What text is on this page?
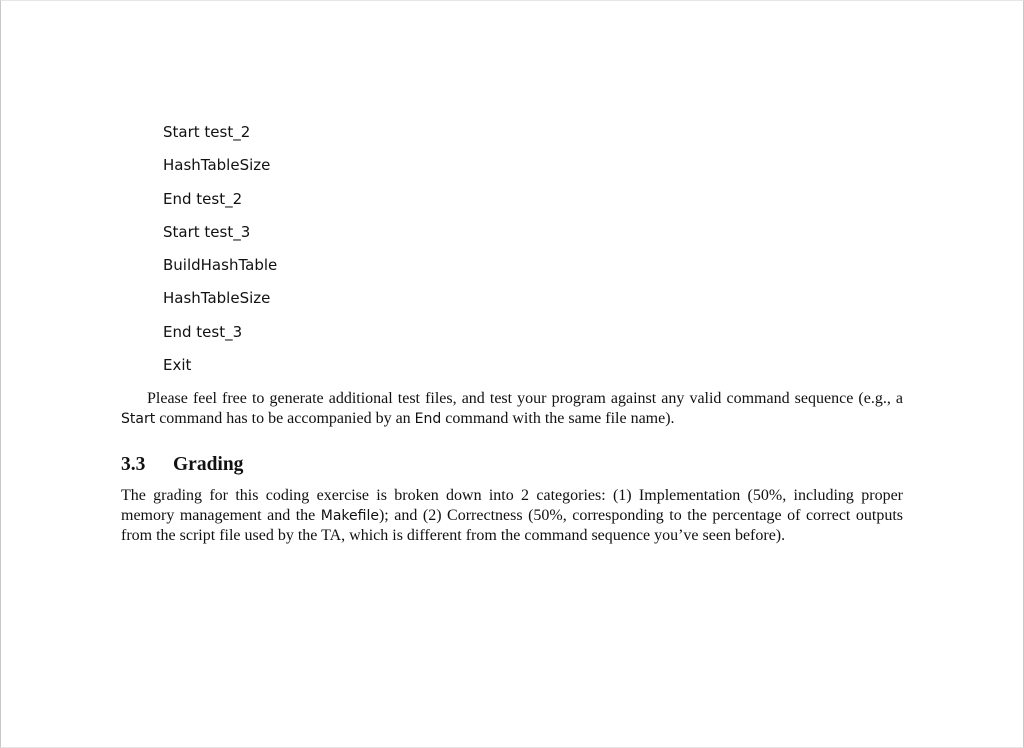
Start test_2
HashTableSize
End test_2
Start test_3
BuildHashTable
HashTableSize
End test_3
Exit

Please feel free to generate additional test files, and test your program against any valid command sequence (e.g., a Start command has to be accompanied by an End command with the same file name).

3.3 Grading

The grading for this coding exercise is broken down into 2 categories: (1) Implementation (50%, including proper memory management and the Makefile); and (2) Correctness (50%, corresponding to the percentage of correct outputs from the script file used by the TA, which is different from the command sequence you’ve seen before).
